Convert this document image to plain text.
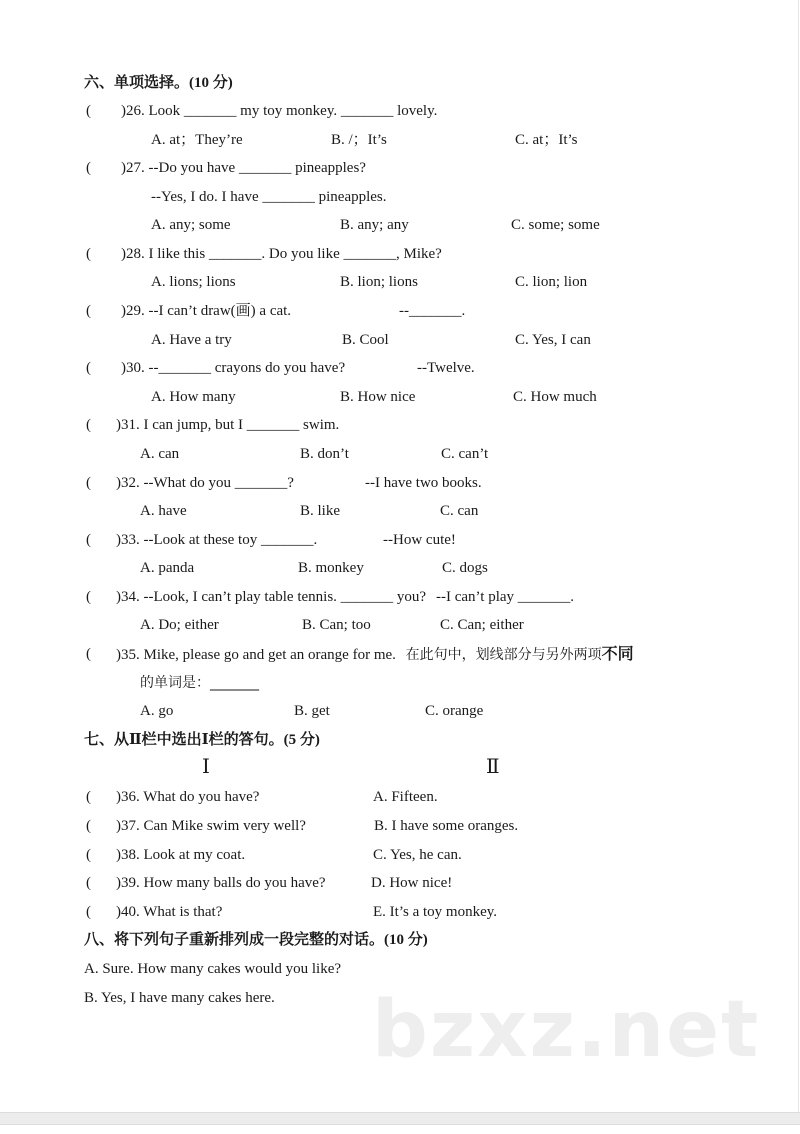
六、单项选择。(10 分)
( )26. Look _______ my toy monkey. _______ lovely.
A. at；They’re	B. /；It’s	C. at；It’s
( )27. --Do you have _______ pineapples?
--Yes, I do. I have _______ pineapples.
A. any; some	B. any; any	C. some; some
( )28. I like this _______. Do you like _______, Mike?
A. lions; lions	B. lion; lions	C. lion; lion
( )29. --I can’t draw(画) a cat.	--_______.
A. Have a try	B. Cool	C. Yes, I can
( )30. --_______ crayons do you have?	--Twelve.
A. How many	B. How nice	C. How much
( )31. I can jump, but I _______ swim.
A. can	B. don’t	C. can’t
( )32. --What do you _______?	--I have two books.
A. have	B. like	C. can
( )33. --Look at these toy _______.	--How cute!
A. panda	B. monkey	C. dogs
( )34. --Look, I can’t play table tennis. _______ you? --I can’t play _______.
A. Do; either	B. Can; too	C. Can; either
( )35. Mike, please go and get an orange for me. 在此句中，划线部分与另外两项不同
的单词是：_______
A. go	B. get	C. orange
七、从Ⅱ栏中选出Ⅰ栏的答句。(5 分)
Ⅰ	Ⅱ
( )36. What do you have?	A. Fifteen.
( )37. Can Mike swim very well?	B. I have some oranges.
( )38. Look at my coat.	C. Yes, he can.
( )39. How many balls do you have?	D. How nice!
( )40. What is that?	E. It’s a toy monkey.
八、将下列句子重新排列成一段完整的对话。(10 分)
A. Sure. How many cakes would you like?
B. Yes, I have many cakes here. bzxz.net
